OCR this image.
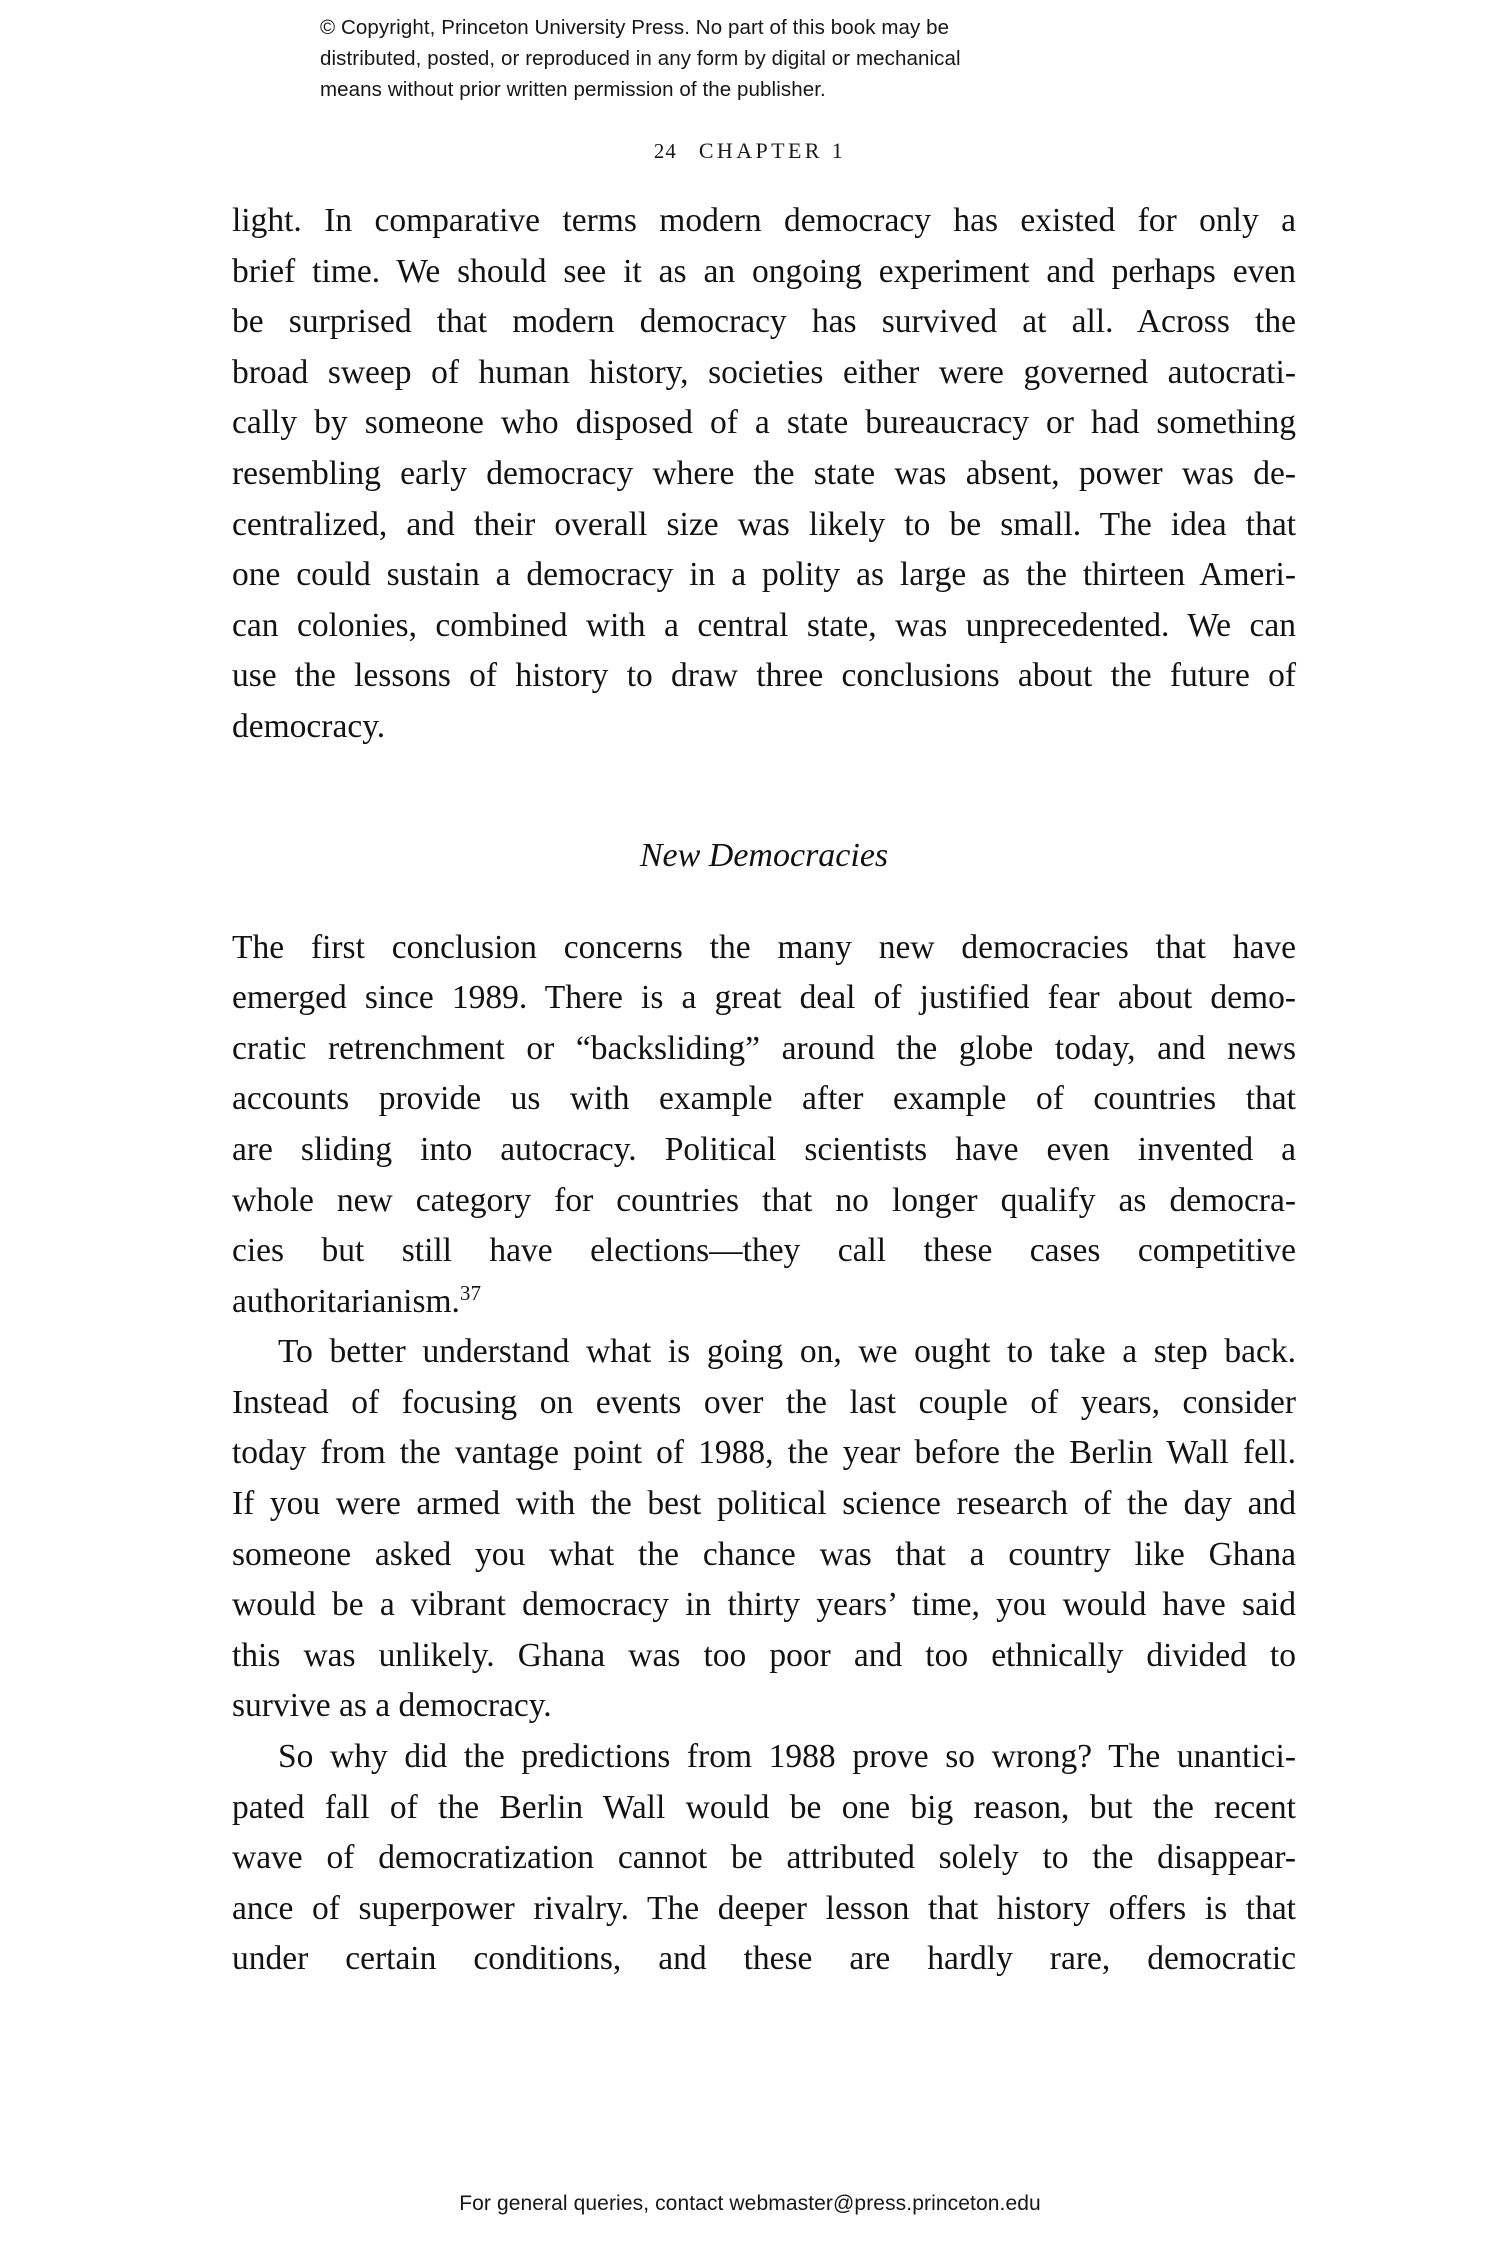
© Copyright, Princeton University Press. No part of this book may be
distributed, posted, or reproduced in any form by digital or mechanical
means without prior written permission of the publisher.
24 CHAPTER 1
light. In comparative terms modern democracy has existed for only a
brief time. We should see it as an ongoing experiment and perhaps even
be surprised that modern democracy has survived at all. Across the
broad sweep of human history, societies either were governed autocrati-
cally by someone who disposed of a state bureaucracy or had something
resembling early democracy where the state was absent, power was de-
centralized, and their overall size was likely to be small. The idea that
one could sustain a democracy in a polity as large as the thirteen Ameri-
can colonies, combined with a central state, was unprecedented. We can
use the lessons of history to draw three conclusions about the future of
democracy.
New Democracies
The first conclusion concerns the many new democracies that have
emerged since 1989. There is a great deal of justified fear about demo-
cratic retrenchment or “backsliding” around the globe today, and news
accounts provide us with example after example of countries that
are sliding into autocracy. Political scientists have even invented a
whole new category for countries that no longer qualify as democra-
cies but still have elections—they call these cases competitive
authoritarianism.$^{37}$
To better understand what is going on, we ought to take a step back.
Instead of focusing on events over the last couple of years, consider
today from the vantage point of 1988, the year before the Berlin Wall fell.
If you were armed with the best political science research of the day and
someone asked you what the chance was that a country like Ghana
would be a vibrant democracy in thirty years’ time, you would have said
this was unlikely. Ghana was too poor and too ethnically divided to
survive as a democracy.
So why did the predictions from 1988 prove so wrong? The unantici-
pated fall of the Berlin Wall would be one big reason, but the recent
wave of democratization cannot be attributed solely to the disappear-
ance of superpower rivalry. The deeper lesson that history offers is that
under certain conditions, and these are hardly rare, democratic
For general queries, contact webmaster@press.princeton.edu
